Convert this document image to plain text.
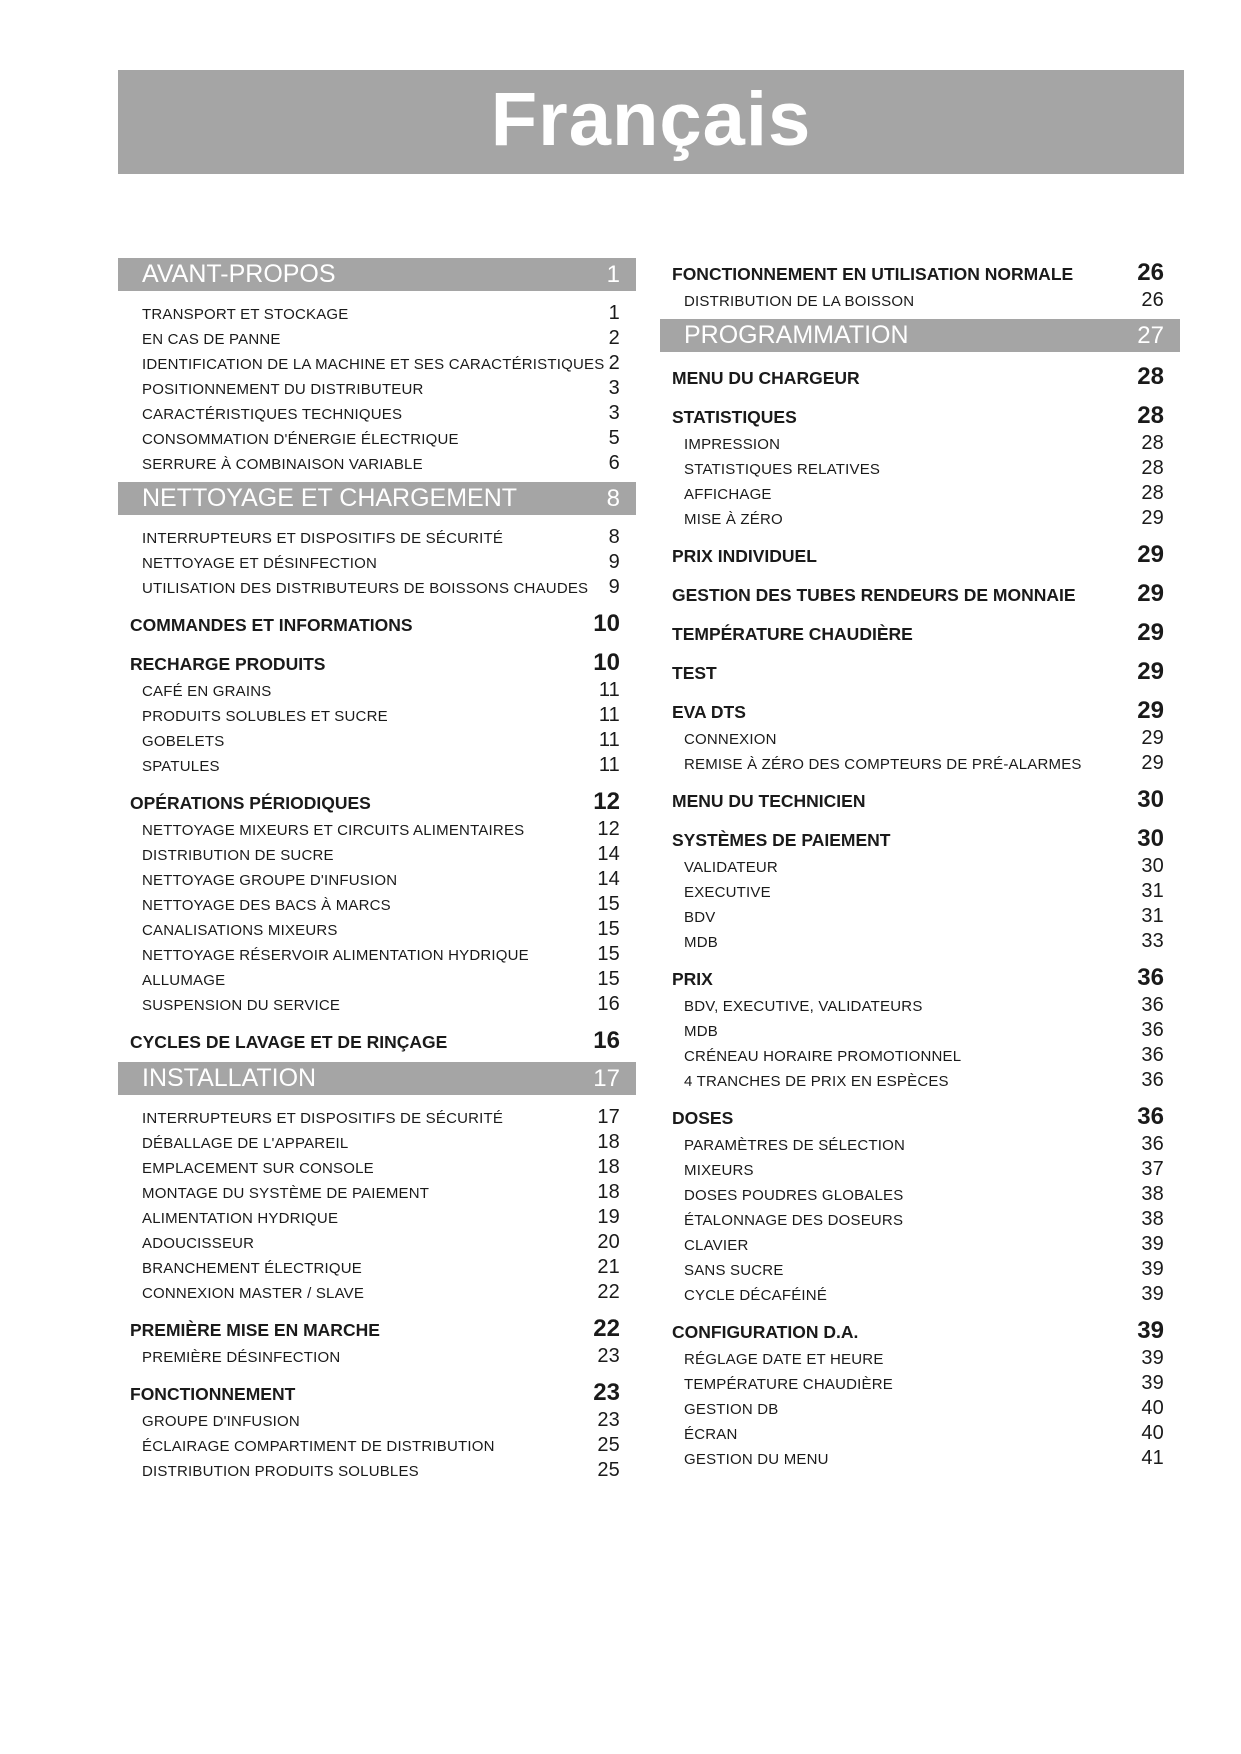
Français
AVANT-PROPOS	1
TRANSPORT ET STOCKAGE	1
EN CAS DE PANNE	2
IDENTIFICATION DE LA MACHINE ET SES CARACTÉRISTIQUES 2
POSITIONNEMENT DU DISTRIBUTEUR	3
CARACTÉRISTIQUES TECHNIQUES	3
CONSOMMATION D'ÉNERGIE ÉLECTRIQUE	5
SERRURE À COMBINAISON VARIABLE	6
NETTOYAGE ET CHARGEMENT	8
INTERRUPTEURS ET DISPOSITIFS DE SÉCURITÉ	8
NETTOYAGE ET DÉSINFECTION	9
UTILISATION DES DISTRIBUTEURS DE BOISSONS CHAUDES 9
COMMANDES ET INFORMATIONS	10
RECHARGE PRODUITS	10
CAFÉ EN GRAINS	11
PRODUITS SOLUBLES ET SUCRE	11
GOBELETS	11
SPATULES	11
OPÉRATIONS PÉRIODIQUES	12
NETTOYAGE MIXEURS ET CIRCUITS ALIMENTAIRES	12
DISTRIBUTION DE SUCRE	14
NETTOYAGE GROUPE D'INFUSION	14
NETTOYAGE DES BACS À MARCS	15
CANALISATIONS MIXEURS	15
NETTOYAGE RÉSERVOIR ALIMENTATION HYDRIQUE	15
ALLUMAGE	15
SUSPENSION DU SERVICE	16
CYCLES DE LAVAGE ET DE RINÇAGE	16
INSTALLATION	17
INTERRUPTEURS ET DISPOSITIFS DE SÉCURITÉ	17
DÉBALLAGE DE L'APPAREIL	18
EMPLACEMENT SUR CONSOLE	18
MONTAGE DU SYSTÈME DE PAIEMENT	18
ALIMENTATION HYDRIQUE	19
ADOUCISSEUR	20
BRANCHEMENT ÉLECTRIQUE	21
CONNEXION MASTER / SLAVE	22
PREMIÈRE MISE EN MARCHE	22
PREMIÈRE DÉSINFECTION	23
FONCTIONNEMENT	23
GROUPE D'INFUSION	23
ÉCLAIRAGE COMPARTIMENT DE DISTRIBUTION	25
DISTRIBUTION PRODUITS SOLUBLES	25
FONCTIONNEMENT EN UTILISATION NORMALE	26
DISTRIBUTION DE LA BOISSON	26
PROGRAMMATION	27
MENU DU CHARGEUR	28
STATISTIQUES	28
IMPRESSION	28
STATISTIQUES RELATIVES	28
AFFICHAGE	28
MISE À ZÉRO	29
PRIX INDIVIDUEL	29
GESTION DES TUBES RENDEURS DE MONNAIE	29
TEMPÉRATURE CHAUDIÈRE	29
TEST	29
EVA DTS	29
CONNEXION	29
REMISE À ZÉRO DES COMPTEURS DE PRÉ-ALARMES	29
MENU DU TECHNICIEN	30
SYSTÈMES DE PAIEMENT	30
VALIDATEUR	30
EXECUTIVE	31
BDV	31
MDB	33
PRIX	36
BDV, EXECUTIVE, VALIDATEURS	36
MDB	36
CRÉNEAU HORAIRE PROMOTIONNEL	36
4 TRANCHES DE PRIX EN ESPÈCES	36
DOSES	36
PARAMÈTRES DE SÉLECTION	36
MIXEURS	37
DOSES POUDRES GLOBALES	38
ÉTALONNAGE DES DOSEURS	38
CLAVIER	39
SANS SUCRE	39
CYCLE DÉCAFÉINÉ	39
CONFIGURATION D.A.	39
RÉGLAGE DATE ET HEURE	39
TEMPÉRATURE CHAUDIÈRE	39
GESTION DB	40
ÉCRAN	40
GESTION DU MENU	41
